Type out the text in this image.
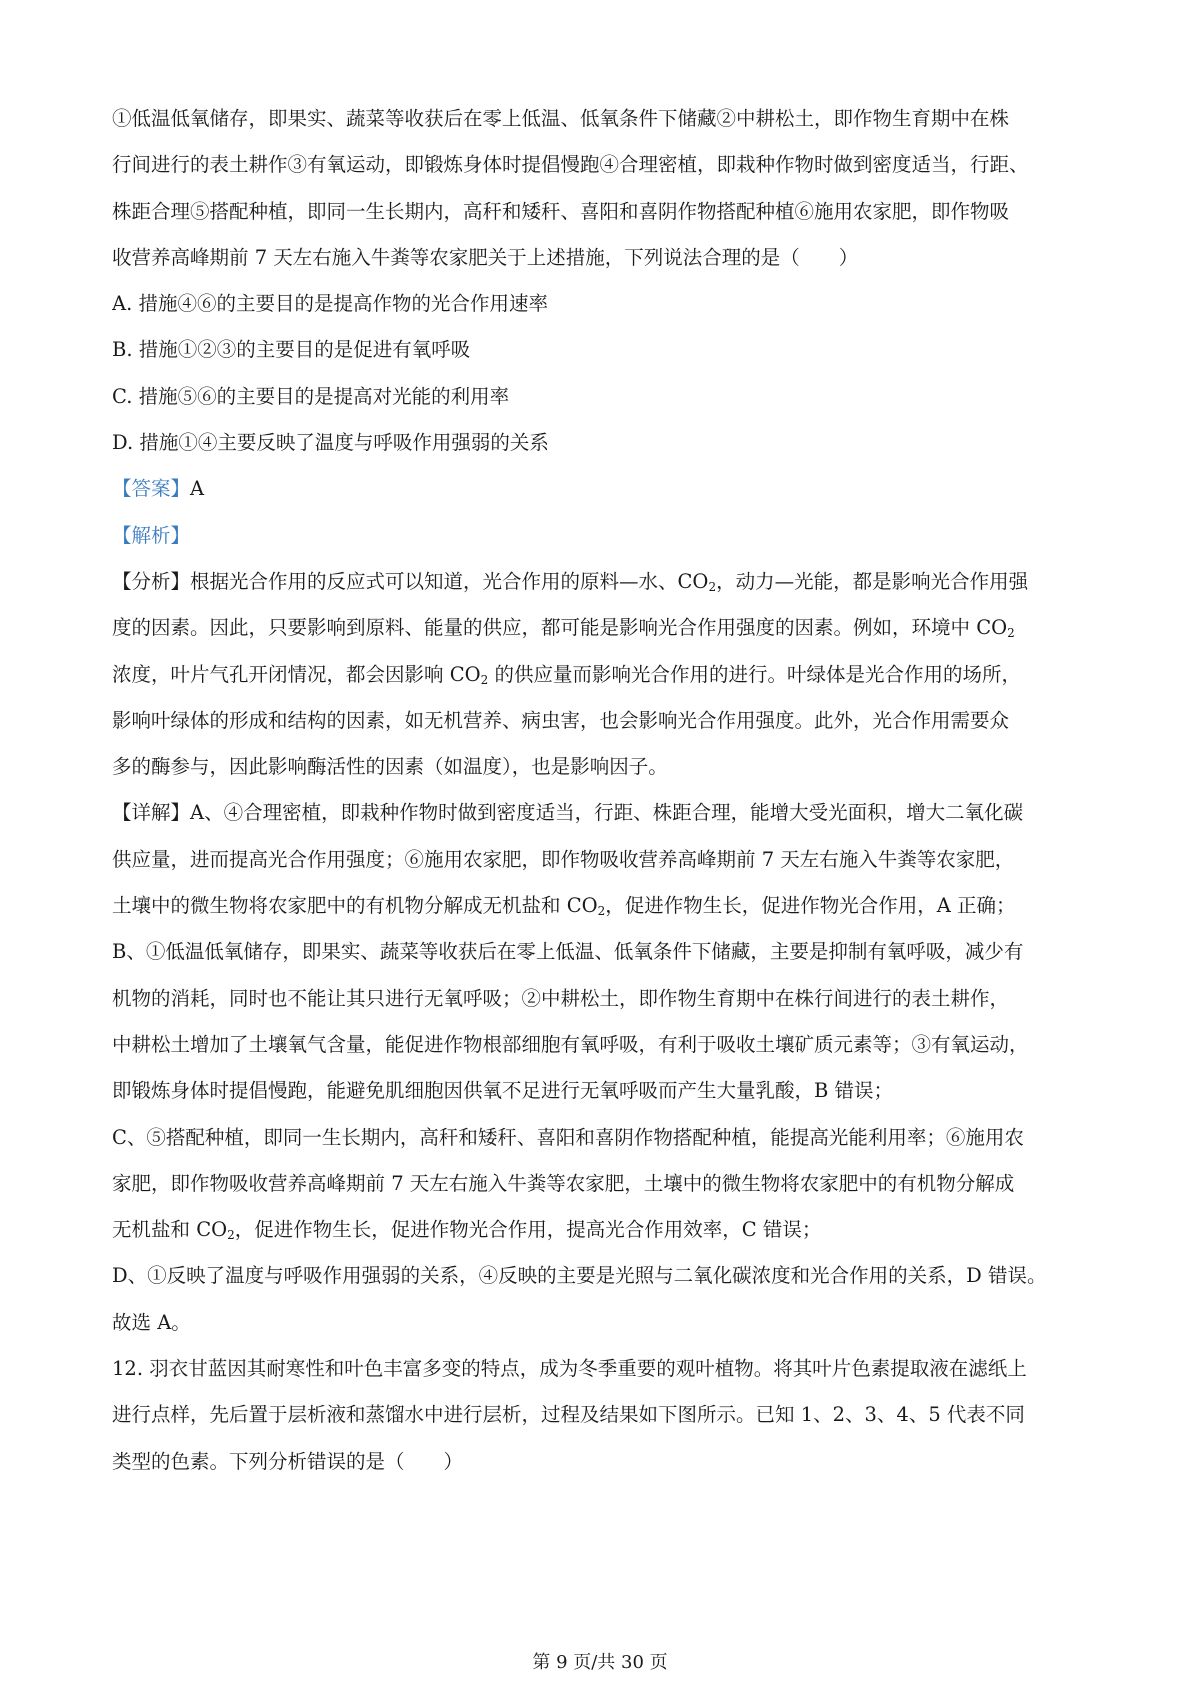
①低温低氧储存，即果实、蔬菜等收获后在零上低温、低氧条件下储藏②中耕松土，即作物生育期中在株
行间进行的表土耕作③有氧运动，即锻炼身体时提倡慢跑④合理密植，即栽种作物时做到密度适当，行距、
株距合理⑤搭配种植，即同一生长期内，高秆和矮秆、喜阳和喜阴作物搭配种植⑥施用农家肥，即作物吸
收营养高峰期前 7 天左右施入牛粪等农家肥关于上述措施，下列说法合理的是（　　）
A. 措施④⑥的主要目的是提高作物的光合作用速率
B. 措施①②③的主要目的是促进有氧呼吸
C. 措施⑤⑥的主要目的是提高对光能的利用率
D. 措施①④主要反映了温度与呼吸作用强弱的关系
【答案】A
【解析】
【分析】根据光合作用的反应式可以知道，光合作用的原料—水、$CO_2$，动力—光能，都是影响光合作用强
度的因素。因此，只要影响到原料、能量的供应，都可能是影响光合作用强度的因素。例如，环境中 $CO_2$
浓度，叶片气孔开闭情况，都会因影响 $CO_2$ 的供应量而影响光合作用的进行。叶绿体是光合作用的场所，
影响叶绿体的形成和结构的因素，如无机营养、病虫害，也会影响光合作用强度。此外，光合作用需要众
多的酶参与，因此影响酶活性的因素（如温度），也是影响因子。
【详解】A、④合理密植，即栽种作物时做到密度适当，行距、株距合理，能增大受光面积，增大二氧化碳
供应量，进而提高光合作用强度；⑥施用农家肥，即作物吸收营养高峰期前 7 天左右施入牛粪等农家肥，
土壤中的微生物将农家肥中的有机物分解成无机盐和 $CO_2$，促进作物生长，促进作物光合作用，A 正确；
B、①低温低氧储存，即果实、蔬菜等收获后在零上低温、低氧条件下储藏，主要是抑制有氧呼吸，减少有
机物的消耗，同时也不能让其只进行无氧呼吸；②中耕松土，即作物生育期中在株行间进行的表土耕作，
中耕松土增加了土壤氧气含量，能促进作物根部细胞有氧呼吸，有利于吸收土壤矿质元素等；③有氧运动，
即锻炼身体时提倡慢跑，能避免肌细胞因供氧不足进行无氧呼吸而产生大量乳酸，B 错误；
C、⑤搭配种植，即同一生长期内，高秆和矮秆、喜阳和喜阴作物搭配种植，能提高光能利用率；⑥施用农
家肥，即作物吸收营养高峰期前 7 天左右施入牛粪等农家肥，土壤中的微生物将农家肥中的有机物分解成
无机盐和 $CO_2$，促进作物生长，促进作物光合作用，提高光合作用效率，C 错误；
D、①反映了温度与呼吸作用强弱的关系，④反映的主要是光照与二氧化碳浓度和光合作用的关系，D 错误。
故选 A。
12. 羽衣甘蓝因其耐寒性和叶色丰富多变的特点，成为冬季重要的观叶植物。将其叶片色素提取液在滤纸上
进行点样，先后置于层析液和蒸馏水中进行层析，过程及结果如下图所示。已知 1、2、3、4、5 代表不同
类型的色素。下列分析错误的是（　　）
第 9 页/共 30 页
